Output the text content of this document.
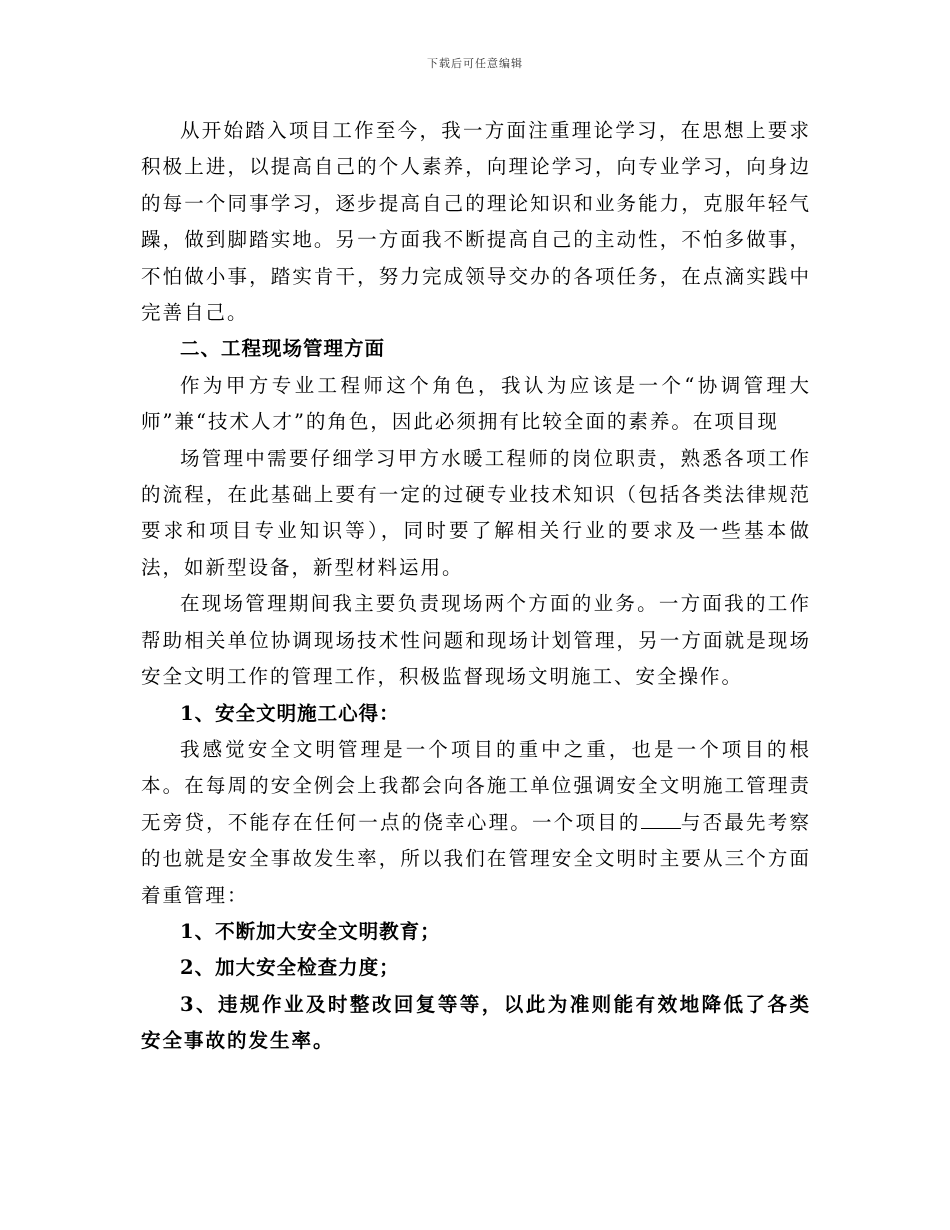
下载后可任意编辑

从开始踏入项目工作至今，我一方面注重理论学习，在思想上要求积极上进，以提高自己的个人素养，向理论学习，向专业学习，向身边的每一个同事学习，逐步提高自己的理论知识和业务能力，克服年轻气躁，做到脚踏实地。另一方面我不断提高自己的主动性，不怕多做事，不怕做小事，踏实肯干，努力完成领导交办的各项任务，在点滴实践中完善自己。

二、工程现场管理方面

作为甲方专业工程师这个角色，我认为应该是一个“协调管理大师”兼“技术人才”的角色，因此必须拥有比较全面的素养。在项目现

场管理中需要仔细学习甲方水暖工程师的岗位职责，熟悉各项工作的流程，在此基础上要有一定的过硬专业技术知识（包括各类法律规范要求和项目专业知识等），同时要了解相关行业的要求及一些基本做法，如新型设备，新型材料运用。

在现场管理期间我主要负责现场两个方面的业务。一方面我的工作帮助相关单位协调现场技术性问题和现场计划管理，另一方面就是现场安全文明工作的管理工作，积极监督现场文明施工、安全操作。

1、安全文明施工心得：

我感觉安全文明管理是一个项目的重中之重，也是一个项目的根本。在每周的安全例会上我都会向各施工单位强调安全文明施工管理责无旁贷，不能存在任何一点的侥幸心理。一个项目的 与否最先考察的也就是安全事故发生率，所以我们在管理安全文明时主要从三个方面着重管理：

1、不断加大安全文明教育；

2、加大安全检查力度；

3、违规作业及时整改回复等等，以此为准则能有效地降低了各类安全事故的发生率。
